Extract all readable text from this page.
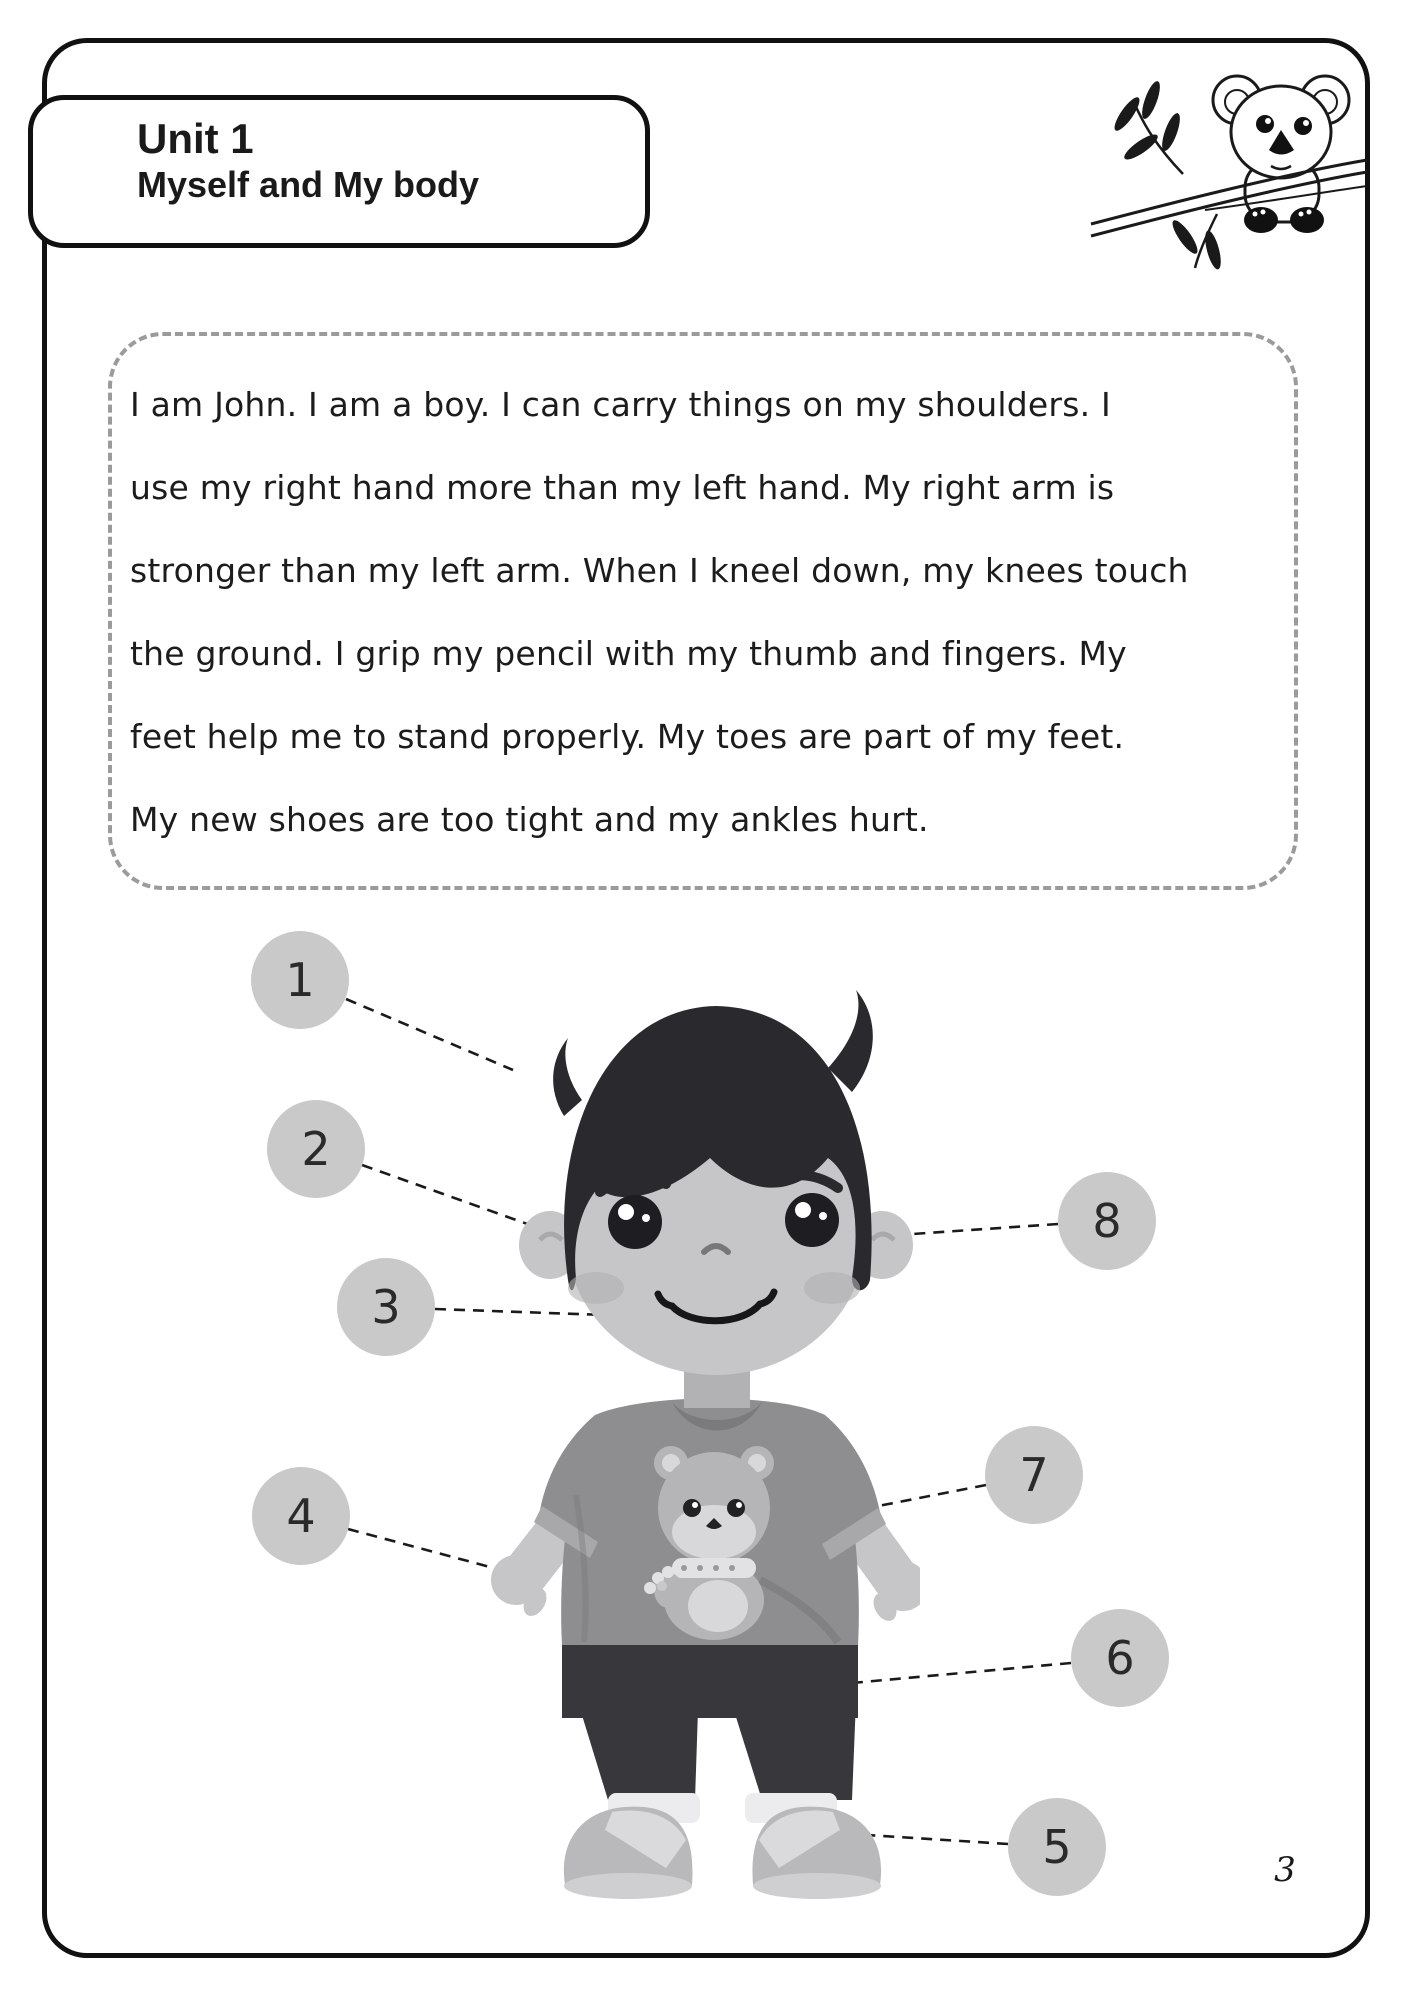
Unit 1
Myself and My body
I am John. I am a boy. I can carry things on my shoulders. I
use my right hand more than my left hand. My right arm is
stronger than my left arm. When I kneel down, my knees touch
the ground. I grip my pencil with my thumb and fingers. My
feet help me to stand properly. My toes are part of my feet.
My new shoes are too tight and my ankles hurt.
1
2
3
4
5
6
7
8
3
